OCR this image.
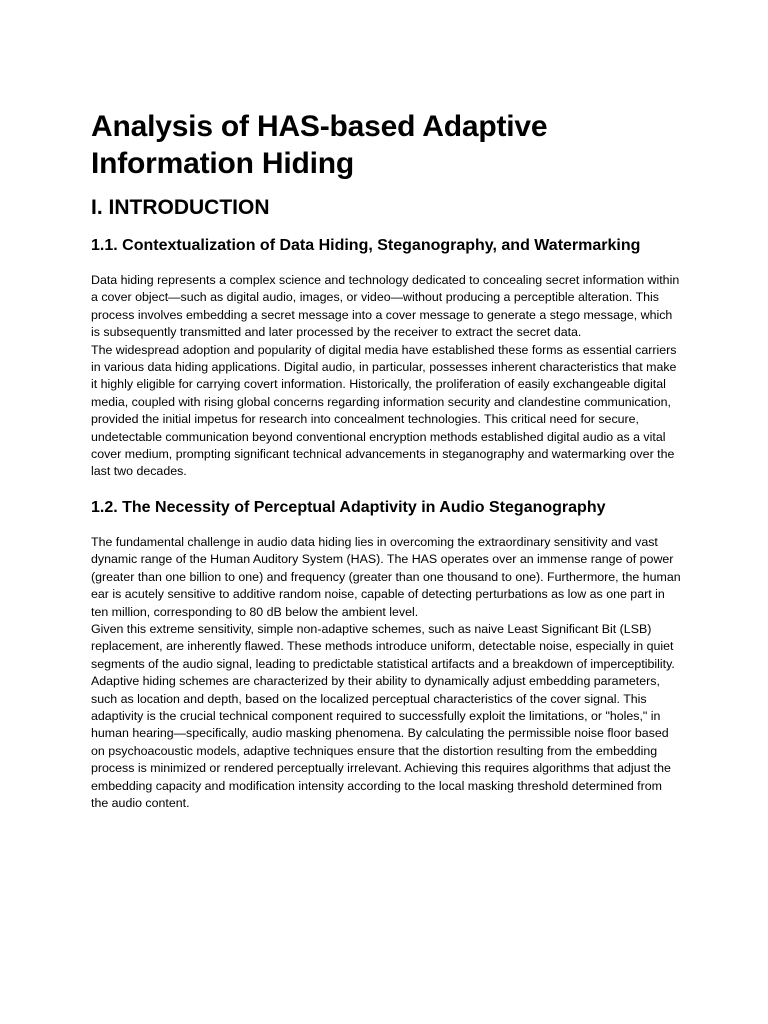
Analysis of HAS-based Adaptive Information Hiding
I. INTRODUCTION
1.1. Contextualization of Data Hiding, Steganography, and Watermarking

Data hiding represents a complex science and technology dedicated to concealing secret information within a cover object—such as digital audio, images, or video—without producing a perceptible alteration. This process involves embedding a secret message into a cover message to generate a stego message, which is subsequently transmitted and later processed by the receiver to extract the secret data.

The widespread adoption and popularity of digital media have established these forms as essential carriers in various data hiding applications. Digital audio, in particular, possesses inherent characteristics that make it highly eligible for carrying covert information. Historically, the proliferation of easily exchangeable digital media, coupled with rising global concerns regarding information security and clandestine communication, provided the initial impetus for research into concealment technologies. This critical need for secure, undetectable communication beyond conventional encryption methods established digital audio as a vital cover medium, prompting significant technical advancements in steganography and watermarking over the last two decades.

1.2. The Necessity of Perceptual Adaptivity in Audio Steganography

The fundamental challenge in audio data hiding lies in overcoming the extraordinary sensitivity and vast dynamic range of the Human Auditory System (HAS). The HAS operates over an immense range of power (greater than one billion to one) and frequency (greater than one thousand to one). Furthermore, the human ear is acutely sensitive to additive random noise, capable of detecting perturbations as low as one part in ten million, corresponding to 80 dB below the ambient level.

Given this extreme sensitivity, simple non-adaptive schemes, such as naive Least Significant Bit (LSB) replacement, are inherently flawed. These methods introduce uniform, detectable noise, especially in quiet segments of the audio signal, leading to predictable statistical artifacts and a breakdown of imperceptibility. Adaptive hiding schemes are characterized by their ability to dynamically adjust embedding parameters, such as location and depth, based on the localized perceptual characteristics of the cover signal. This adaptivity is the crucial technical component required to successfully exploit the limitations, or "holes," in human hearing—specifically, audio masking phenomena. By calculating the permissible noise floor based on psychoacoustic models, adaptive techniques ensure that the distortion resulting from the embedding process is minimized or rendered perceptually irrelevant. Achieving this requires algorithms that adjust the embedding capacity and modification intensity according to the local masking threshold determined from the audio content.
